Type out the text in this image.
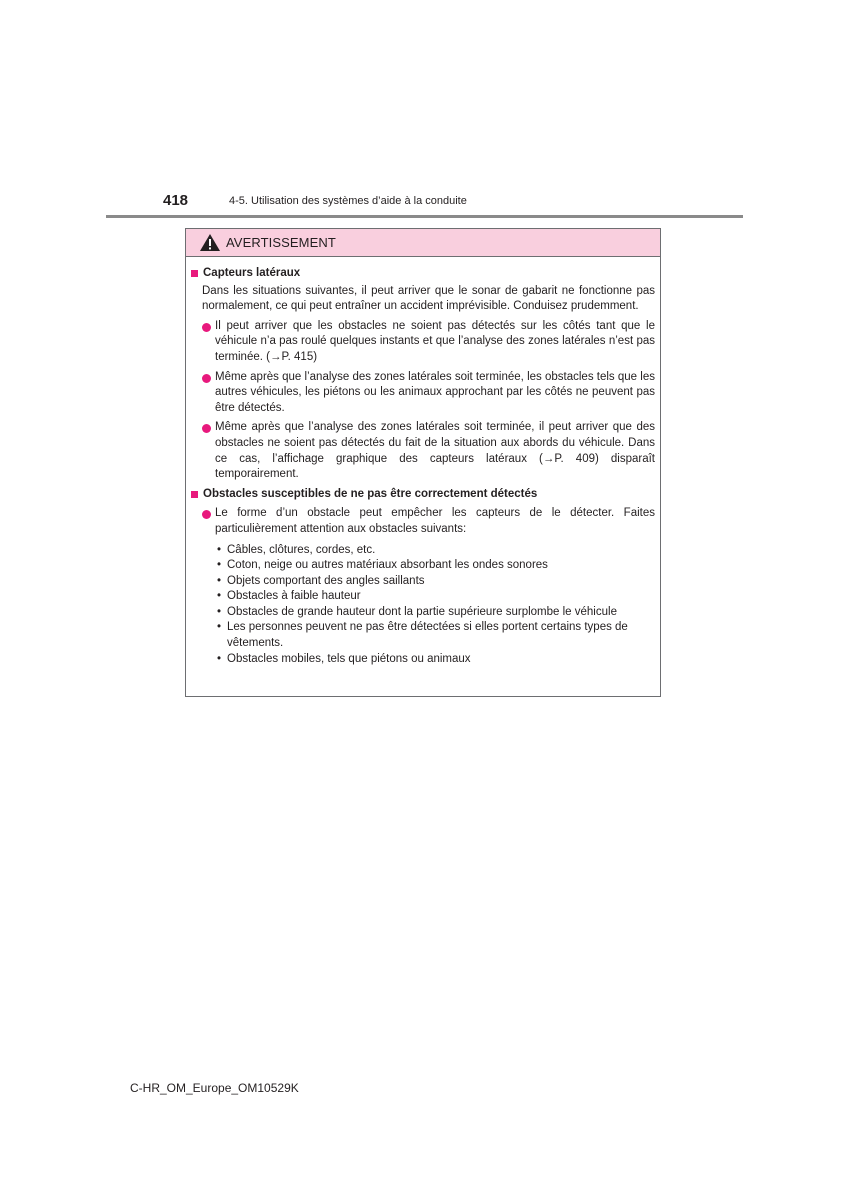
418	4-5. Utilisation des systèmes d’aide à la conduite
AVERTISSEMENT
Capteurs latéraux
Dans les situations suivantes, il peut arriver que le sonar de gabarit ne fonctionne pas normalement, ce qui peut entraîner un accident imprévisible. Conduisez prudemment.
Il peut arriver que les obstacles ne soient pas détectés sur les côtés tant que le véhicule n’a pas roulé quelques instants et que l’analyse des zones latérales n’est pas terminée. (→P. 415)
Même après que l’analyse des zones latérales soit terminée, les obstacles tels que les autres véhicules, les piétons ou les animaux approchant par les côtés ne peuvent pas être détectés.
Même après que l’analyse des zones latérales soit terminée, il peut arriver que des obstacles ne soient pas détectés du fait de la situation aux abords du véhicule. Dans ce cas, l’affichage graphique des capteurs latéraux (→P. 409) disparaît temporairement.
Obstacles susceptibles de ne pas être correctement détectés
Le forme d’un obstacle peut empêcher les capteurs de le détecter. Faites particulièrement attention aux obstacles suivants:
• Câbles, clôtures, cordes, etc.
• Coton, neige ou autres matériaux absorbant les ondes sonores
• Objets comportant des angles saillants
• Obstacles à faible hauteur
• Obstacles de grande hauteur dont la partie supérieure surplombe le véhicule
• Les personnes peuvent ne pas être détectées si elles portent certains types de vêtements.
• Obstacles mobiles, tels que piétons ou animaux
C-HR_OM_Europe_OM10529K
